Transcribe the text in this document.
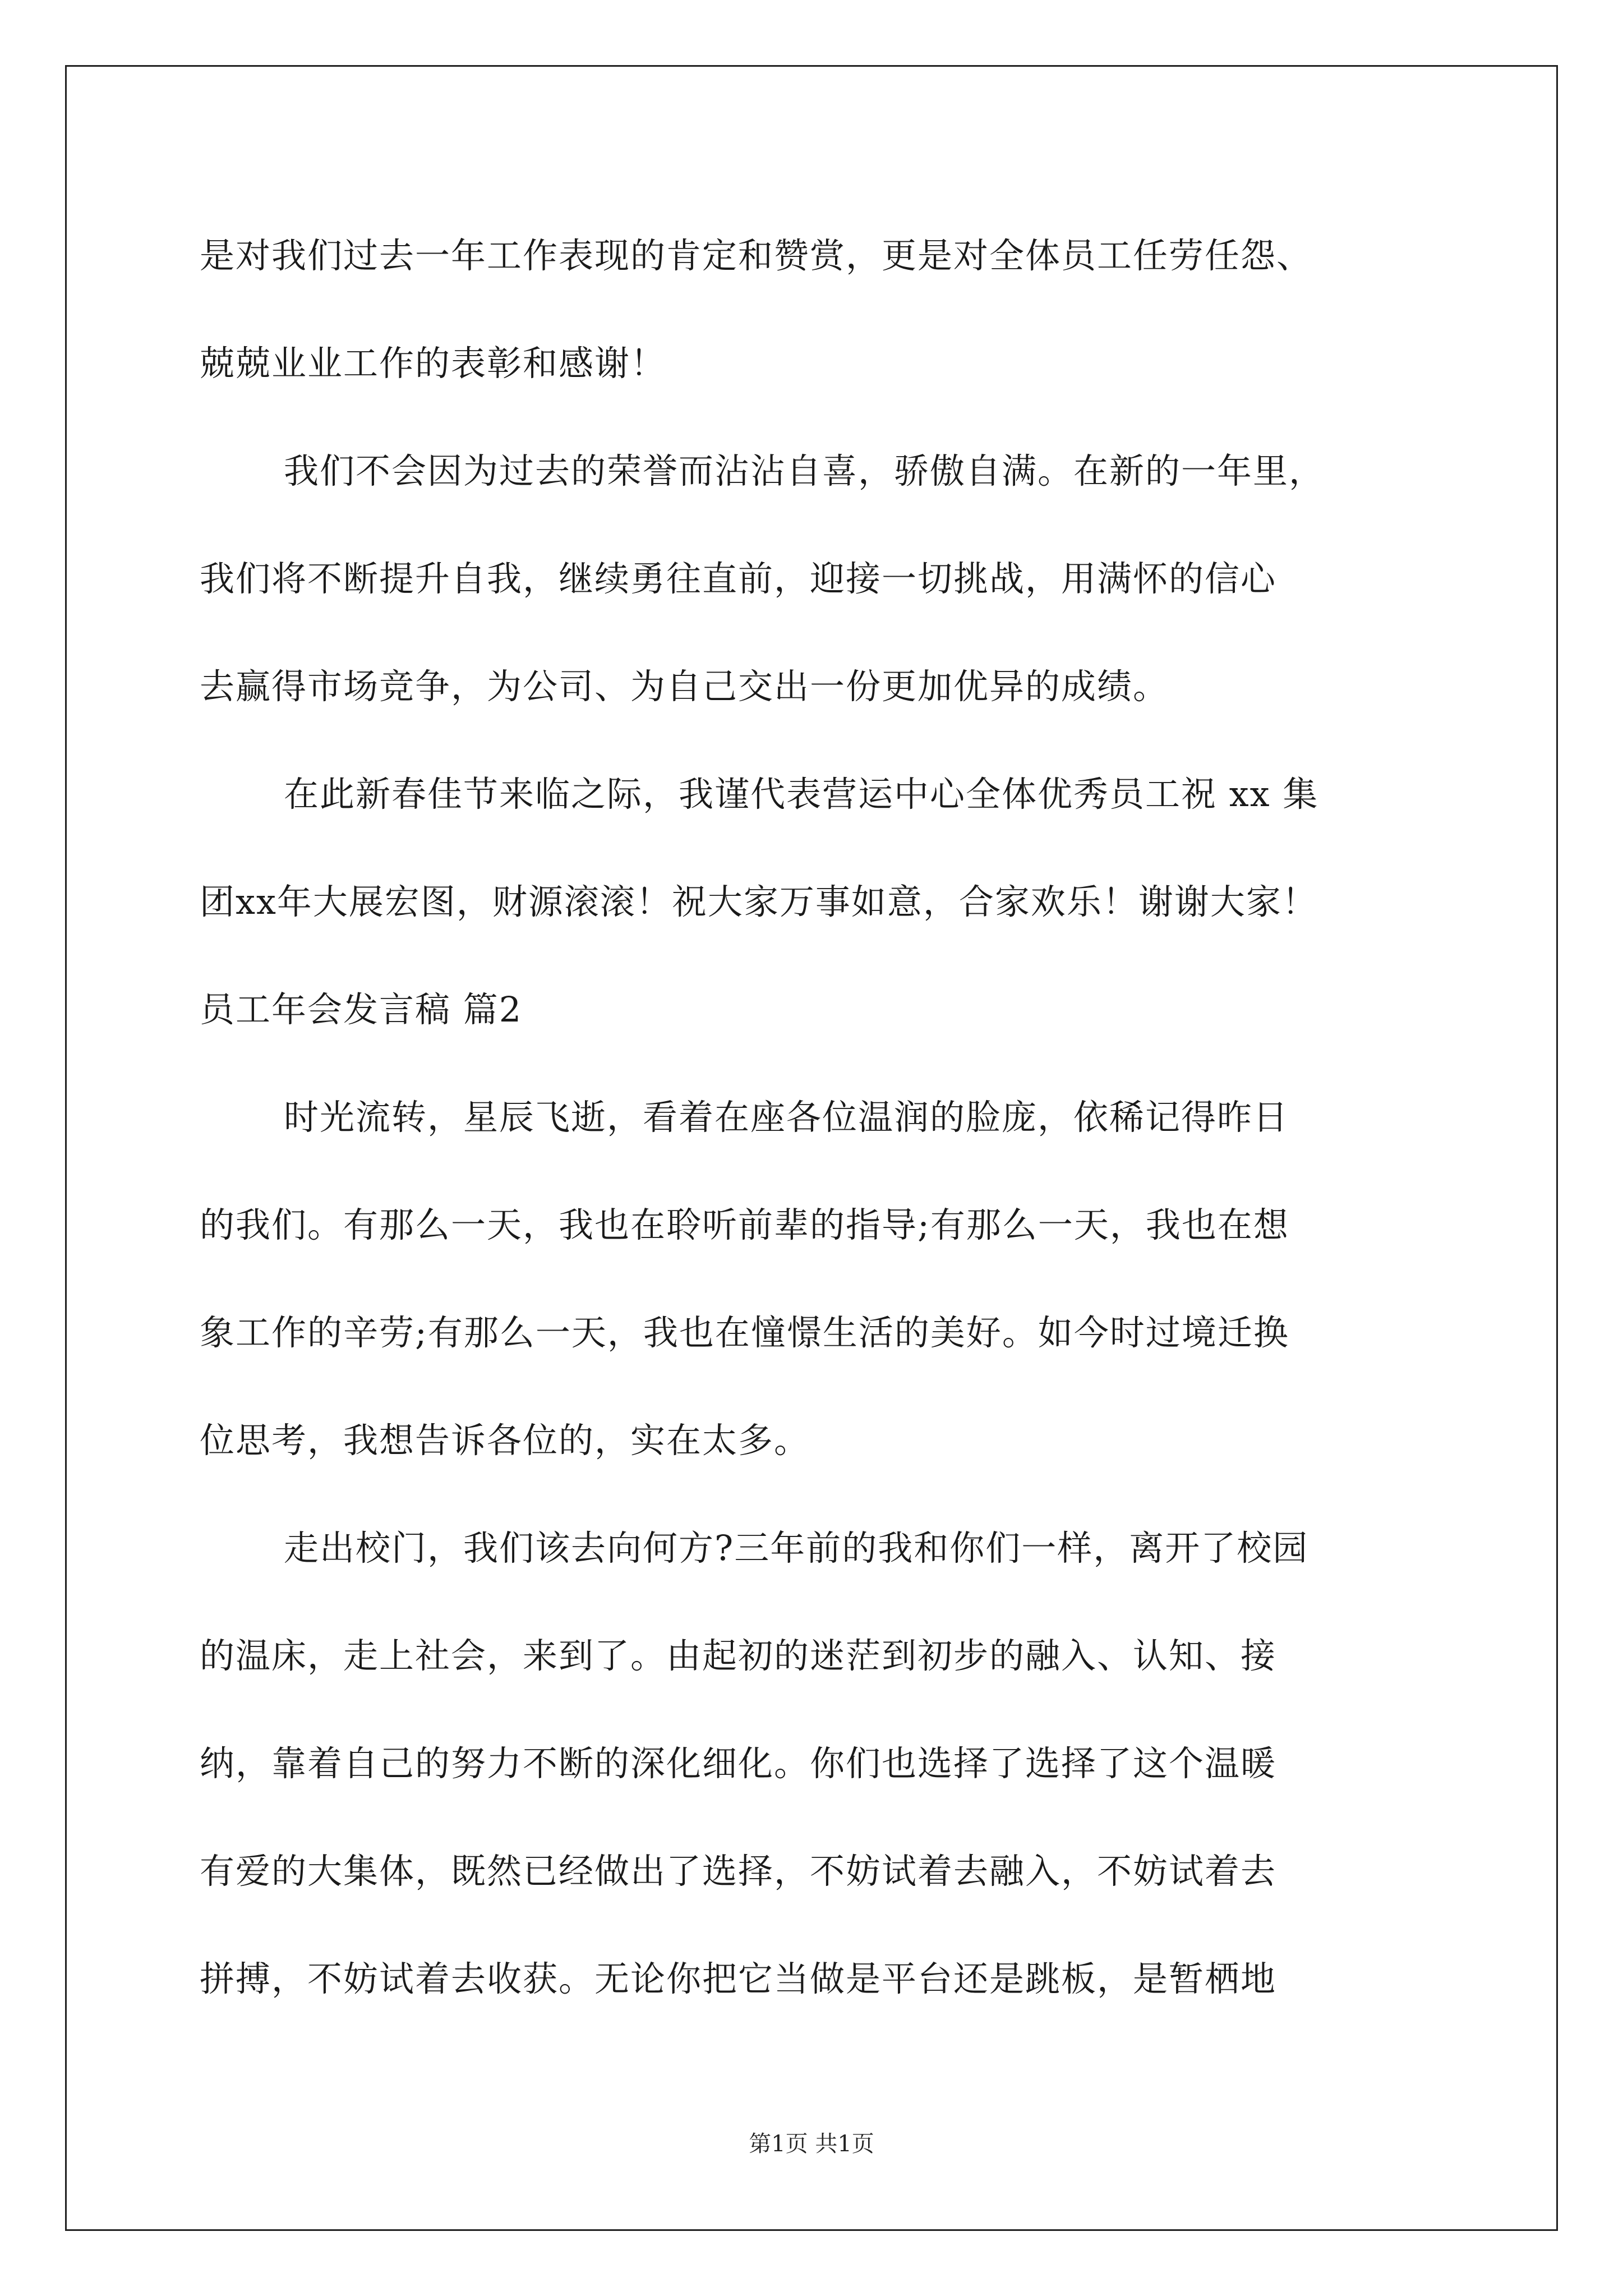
是对我们过去一年工作表现的肯定和赞赏，更是对全体员工任劳任怨、
兢兢业业工作的表彰和感谢！
我们不会因为过去的荣誉而沾沾自喜，骄傲自满。在新的一年里，
我们将不断提升自我，继续勇往直前，迎接一切挑战，用满怀的信心
去赢得市场竞争，为公司、为自己交出一份更加优异的成绩。
在此新春佳节来临之际，我谨代表营运中心全体优秀员工祝 xx 集
团xx年大展宏图，财源滚滚！祝大家万事如意，合家欢乐！谢谢大家！
员工年会发言稿 篇2
时光流转，星辰飞逝，看着在座各位温润的脸庞，依稀记得昨日
的我们。有那么一天，我也在聆听前辈的指导;有那么一天，我也在想
象工作的辛劳;有那么一天，我也在憧憬生活的美好。如今时过境迁换
位思考，我想告诉各位的，实在太多。
走出校门，我们该去向何方?三年前的我和你们一样，离开了校园
的温床，走上社会，来到了。由起初的迷茫到初步的融入、认知、接
纳，靠着自己的努力不断的深化细化。你们也选择了选择了这个温暖
有爱的大集体，既然已经做出了选择，不妨试着去融入，不妨试着去
拼搏，不妨试着去收获。无论你把它当做是平台还是跳板，是暂栖地
第1页 共1页
